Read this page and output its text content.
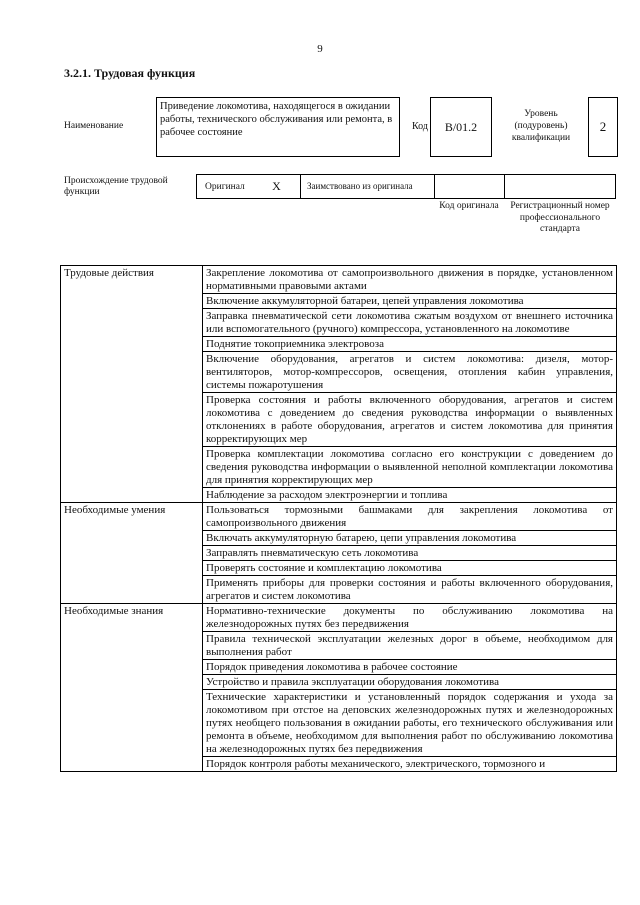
9
3.2.1. Трудовая функция
Наименование
Приведение локомотива, находящегося в ожидании работы, технического обслуживания или ремонта, в рабочее состояние
Код	B/01.2
Уровень (подуровень) квалификации
2
Происхождение трудовой функции
Оригинал	X	Заимствовано из оригинала
Код оригинала	Регистрационный номер профессионального стандарта
Трудовые действия	Закрепление локомотива от самопроизвольного движения в порядке, установленном нормативными правовыми актами
	Включение аккумуляторной батареи, цепей управления локомотива
	Заправка пневматической сети локомотива сжатым воздухом от внешнего источника или вспомогательного (ручного) компрессора, установленного на локомотиве
	Поднятие токоприемника электровоза
	Включение оборудования, агрегатов и систем локомотива: дизеля, мотор-вентиляторов, мотор-компрессоров, освещения, отопления кабин управления, системы пожаротушения
	Проверка состояния и работы включенного оборудования, агрегатов и систем локомотива с доведением до сведения руководства информации о выявленных отклонениях в работе оборудования, агрегатов и систем локомотива для принятия корректирующих мер
	Проверка комплектации локомотива согласно его конструкции с доведением до сведения руководства информации о выявленной неполной комплектации локомотива для принятия корректирующих мер
	Наблюдение за расходом электроэнергии и топлива
Необходимые умения	Пользоваться тормозными башмаками для закрепления локомотива от самопроизвольного движения
	Включать аккумуляторную батарею, цепи управления локомотива
	Заправлять пневматическую сеть локомотива
	Проверять состояние и комплектацию локомотива
	Применять приборы для проверки состояния и работы включенного оборудования, агрегатов и систем локомотива
Необходимые знания	Нормативно-технические документы по обслуживанию локомотива на железнодорожных путях без передвижения
	Правила технической эксплуатации железных дорог в объеме, необходимом для выполнения работ
	Порядок приведения локомотива в рабочее состояние
	Устройство и правила эксплуатации оборудования локомотива
	Технические характеристики и установленный порядок содержания и ухода за локомотивом при отстое на деповских железнодорожных путях и железнодорожных путях необщего пользования в ожидании работы, его технического обслуживания или ремонта в объеме, необходимом для выполнения работ по обслуживанию локомотива на железнодорожных путях без передвижения
	Порядок контроля работы механического, электрического, тормозного и
